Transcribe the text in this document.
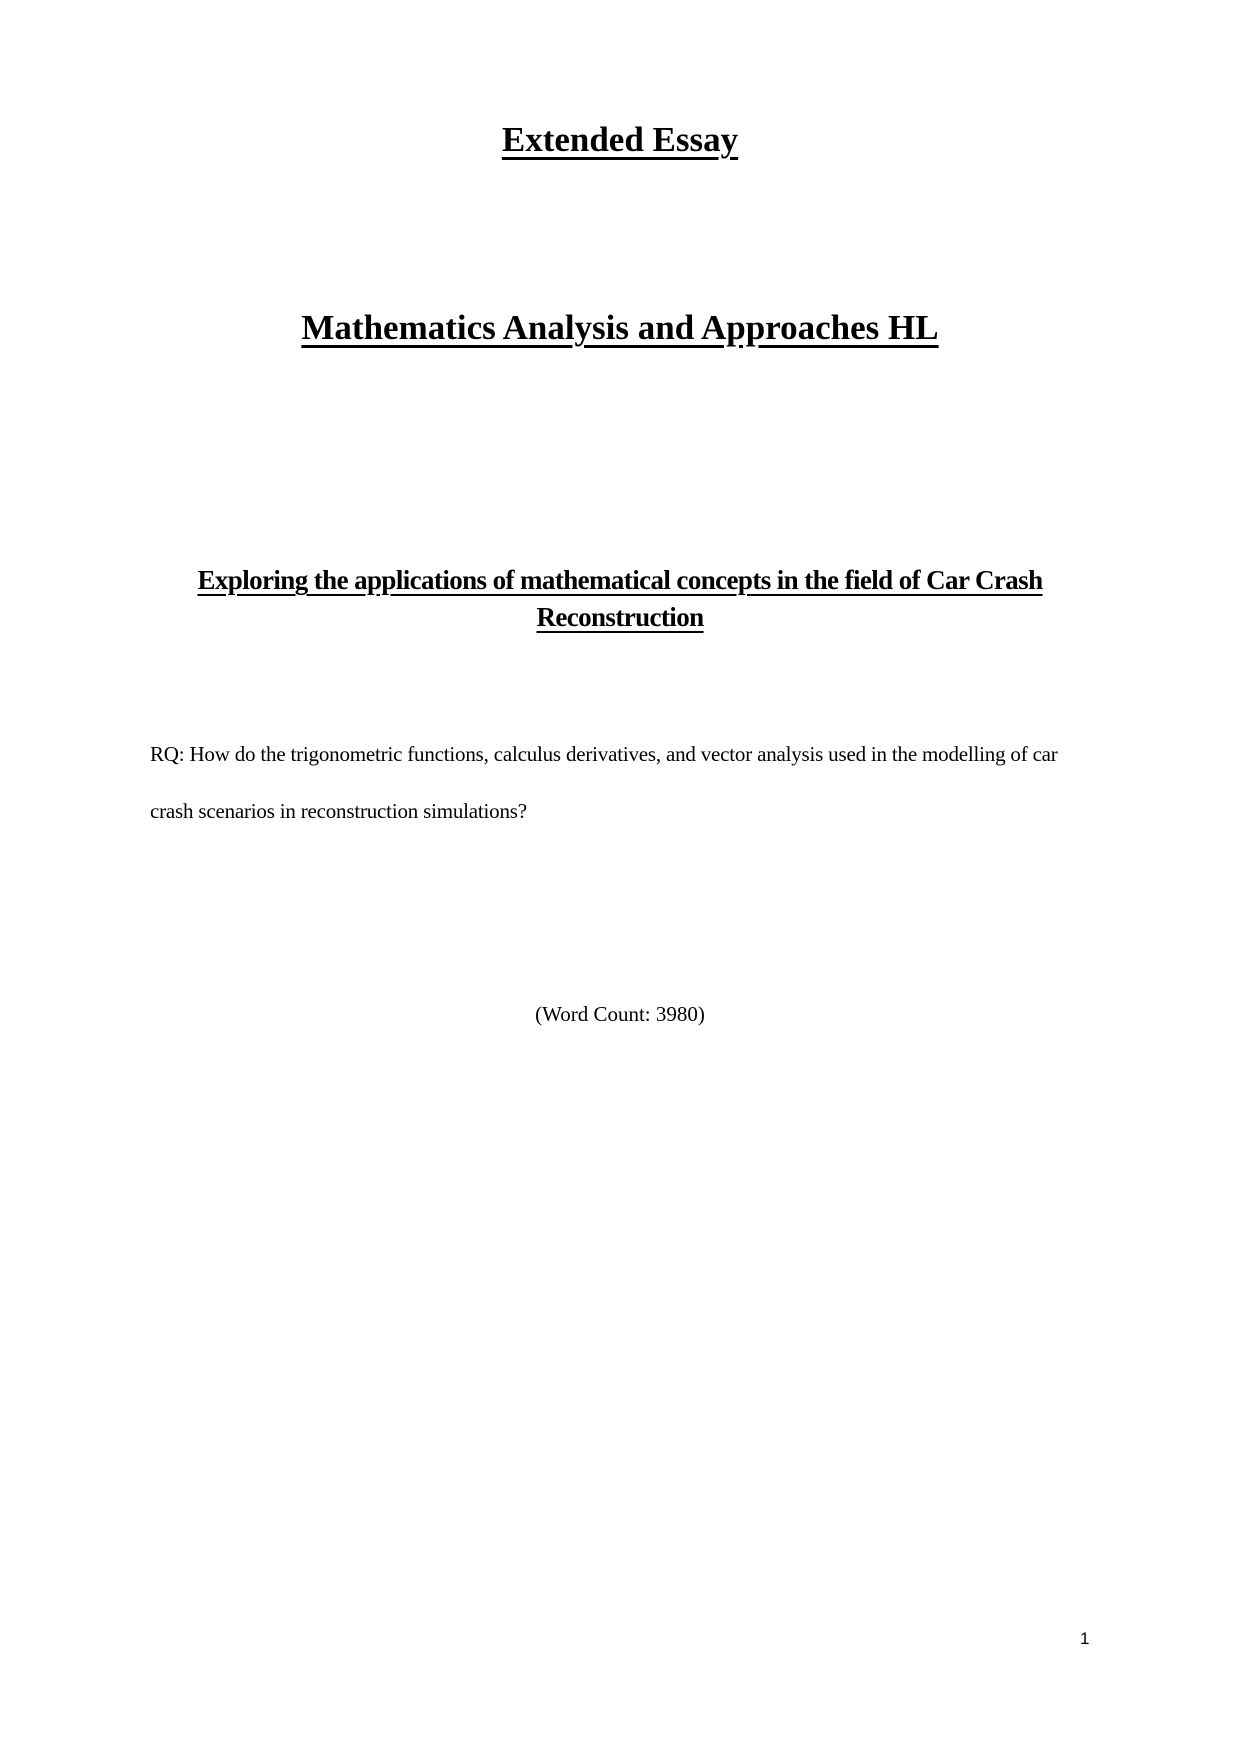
Extended Essay
Mathematics Analysis and Approaches HL
Exploring the applications of mathematical concepts in the field of Car Crash Reconstruction

RQ: How do the trigonometric functions, calculus derivatives, and vector analysis used in the modelling of car crash scenarios in reconstruction simulations?

(Word Count: 3980)

1
